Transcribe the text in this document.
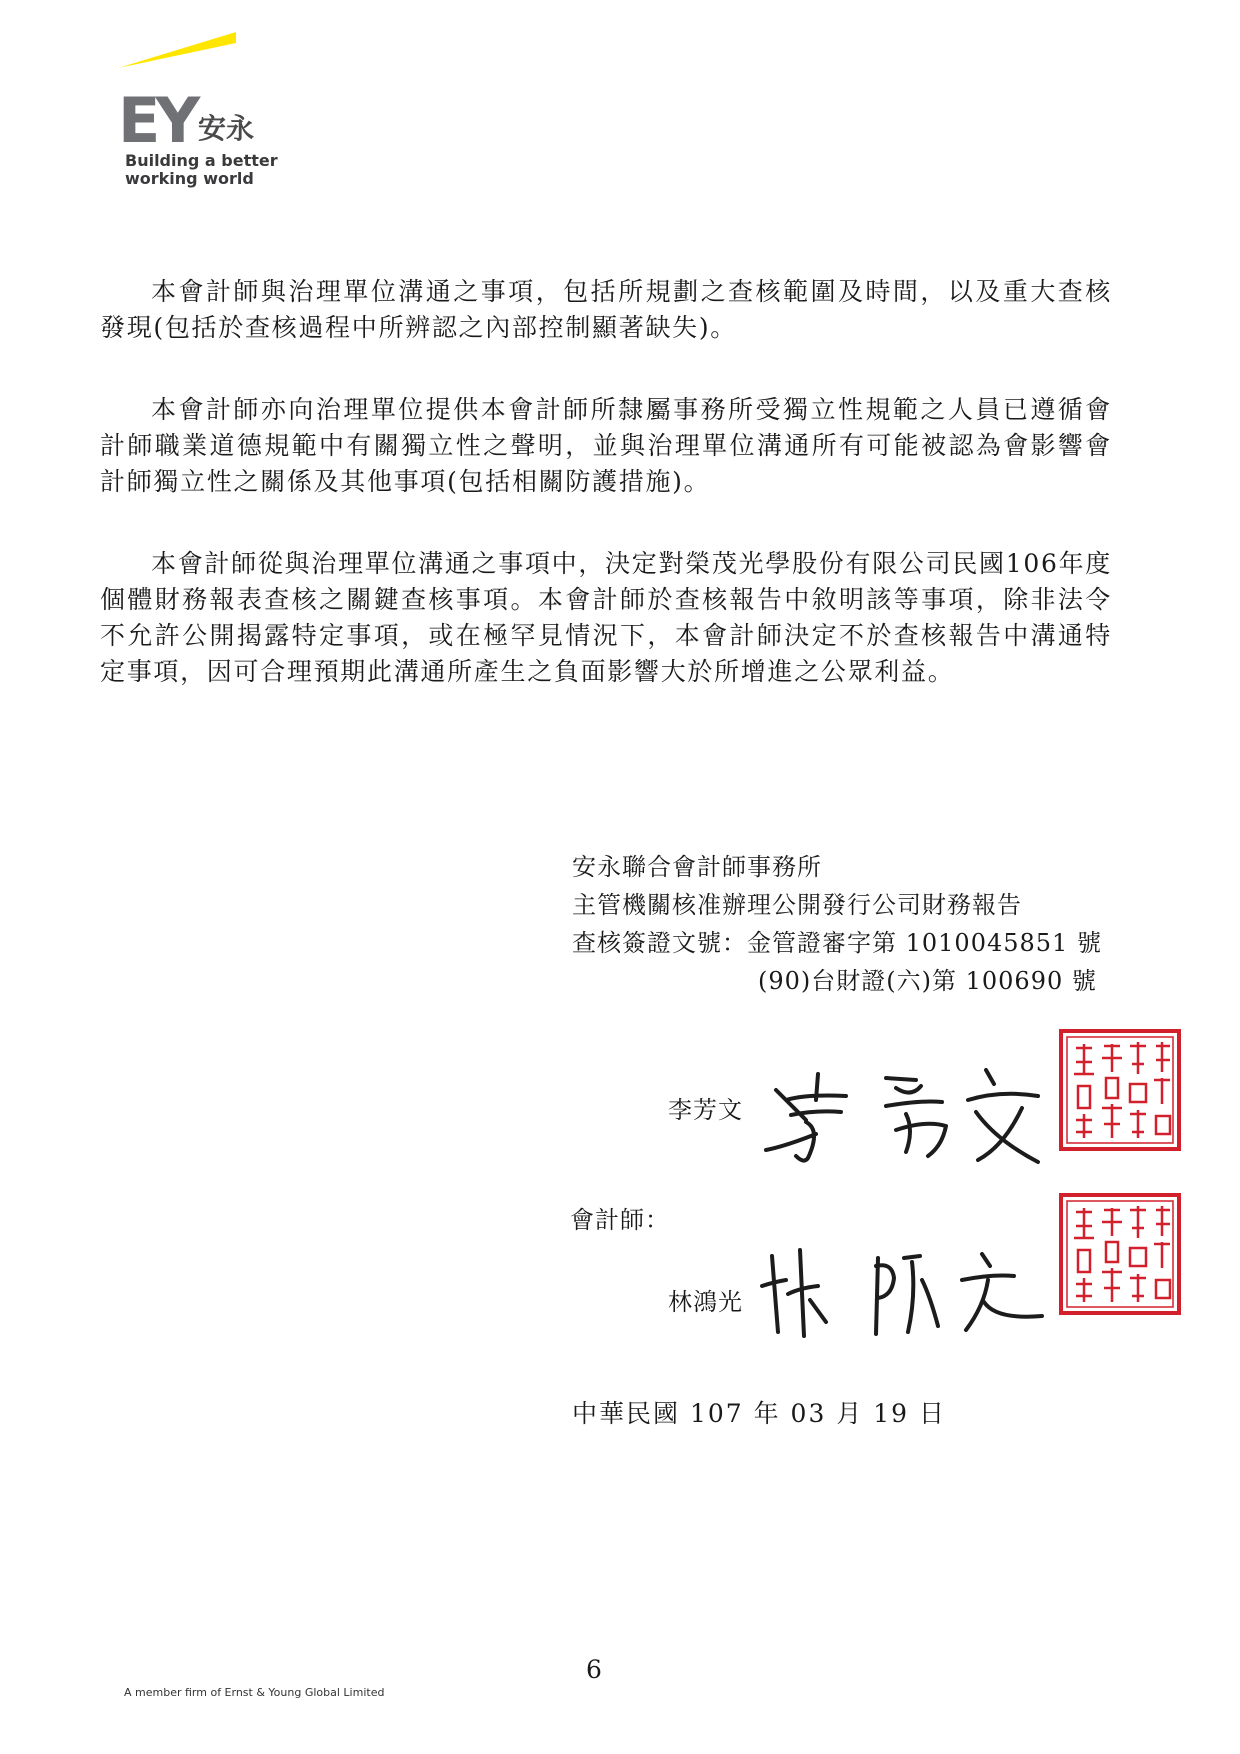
EY 安永
Building a better
working world

本會計師與治理單位溝通之事項，包括所規劃之查核範圍及時間，以及重大查核發現(包括於查核過程中所辨認之內部控制顯著缺失)。

本會計師亦向治理單位提供本會計師所隸屬事務所受獨立性規範之人員已遵循會計師職業道德規範中有關獨立性之聲明，並與治理單位溝通所有可能被認為會影響會計師獨立性之關係及其他事項(包括相關防護措施)。

本會計師從與治理單位溝通之事項中，決定對榮茂光學股份有限公司民國106年度個體財務報表查核之關鍵查核事項。本會計師於查核報告中敘明該等事項，除非法令不允許公開揭露特定事項，或在極罕見情況下，本會計師決定不於查核報告中溝通特定事項，因可合理預期此溝通所產生之負面影響大於所增進之公眾利益。

安永聯合會計師事務所
主管機關核准辦理公開發行公司財務報告
查核簽證文號：金管證審字第 1010045851 號
(90)台財證(六)第 100690 號
李芳文
會計師：
林鴻光
中華民國 107 年 03 月 19 日
6
A member firm of Ernst & Young Global Limited
